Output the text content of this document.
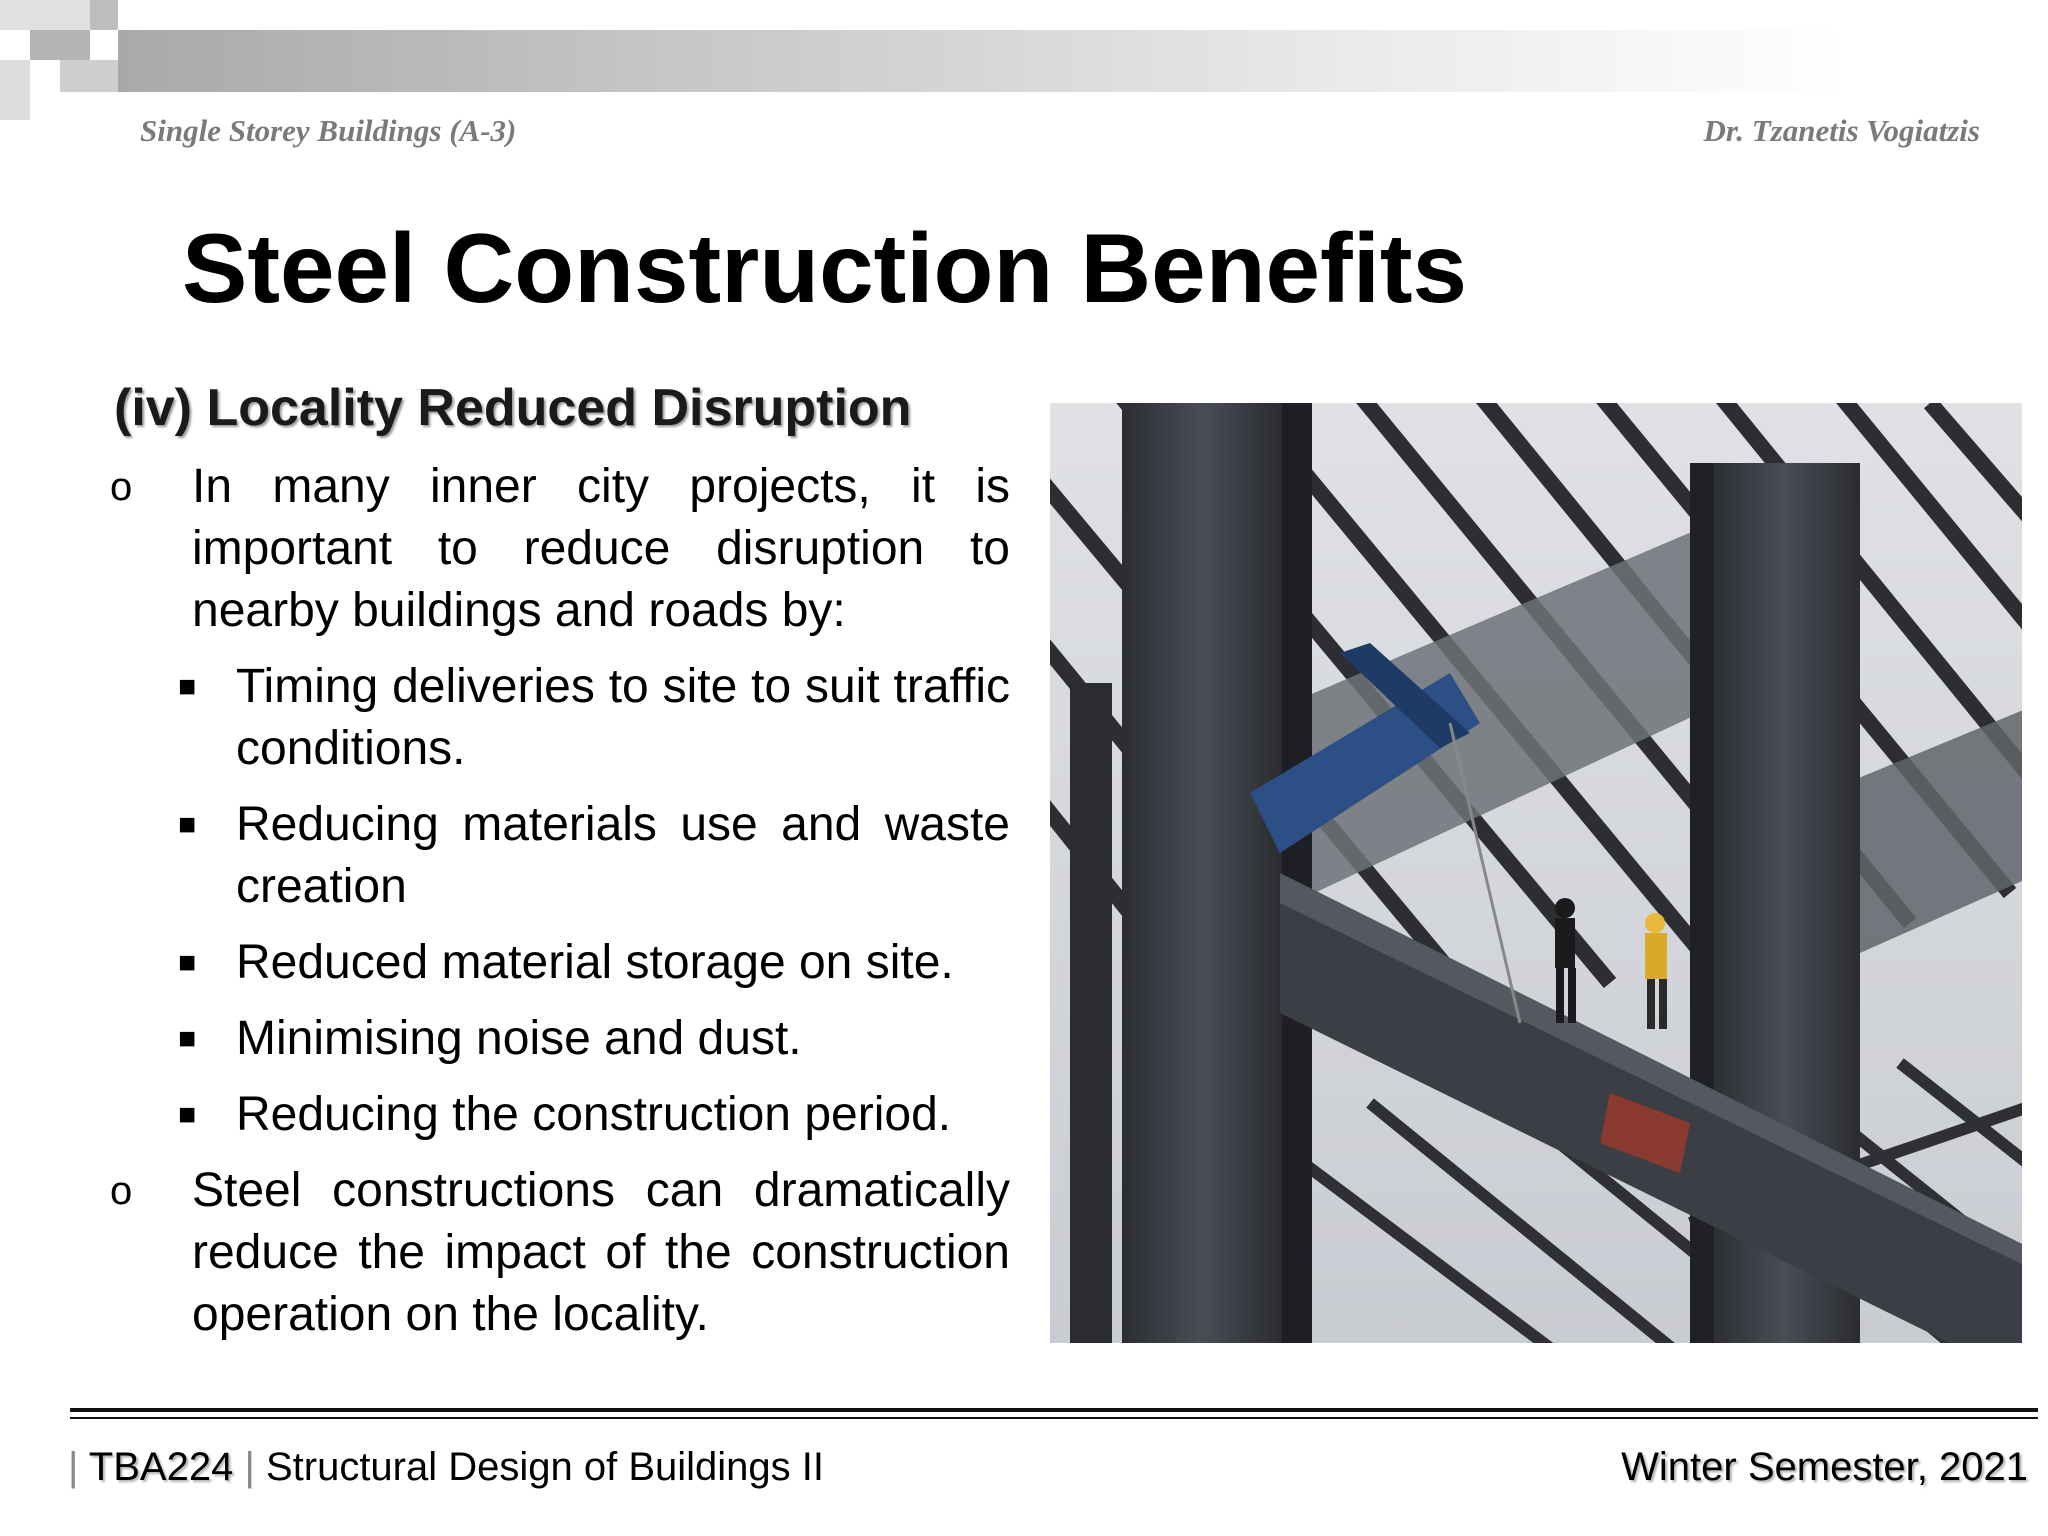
Single Storey Buildings (A-3)	Dr. Tzanetis Vogiatzis
Steel Construction Benefits
(iv) Locality Reduced Disruption
o In many inner city projects, it is important to reduce disruption to nearby buildings and roads by:
■ Timing deliveries to site to suit traffic conditions.
■ Reducing materials use and waste creation
■ Reduced material storage on site.
■ Minimising noise and dust.
■ Reducing the construction period.
o Steel constructions can dramatically reduce the impact of the construction operation on the locality.
| TBA224 | Structural Design of Buildings II	Winter Semester, 2021
